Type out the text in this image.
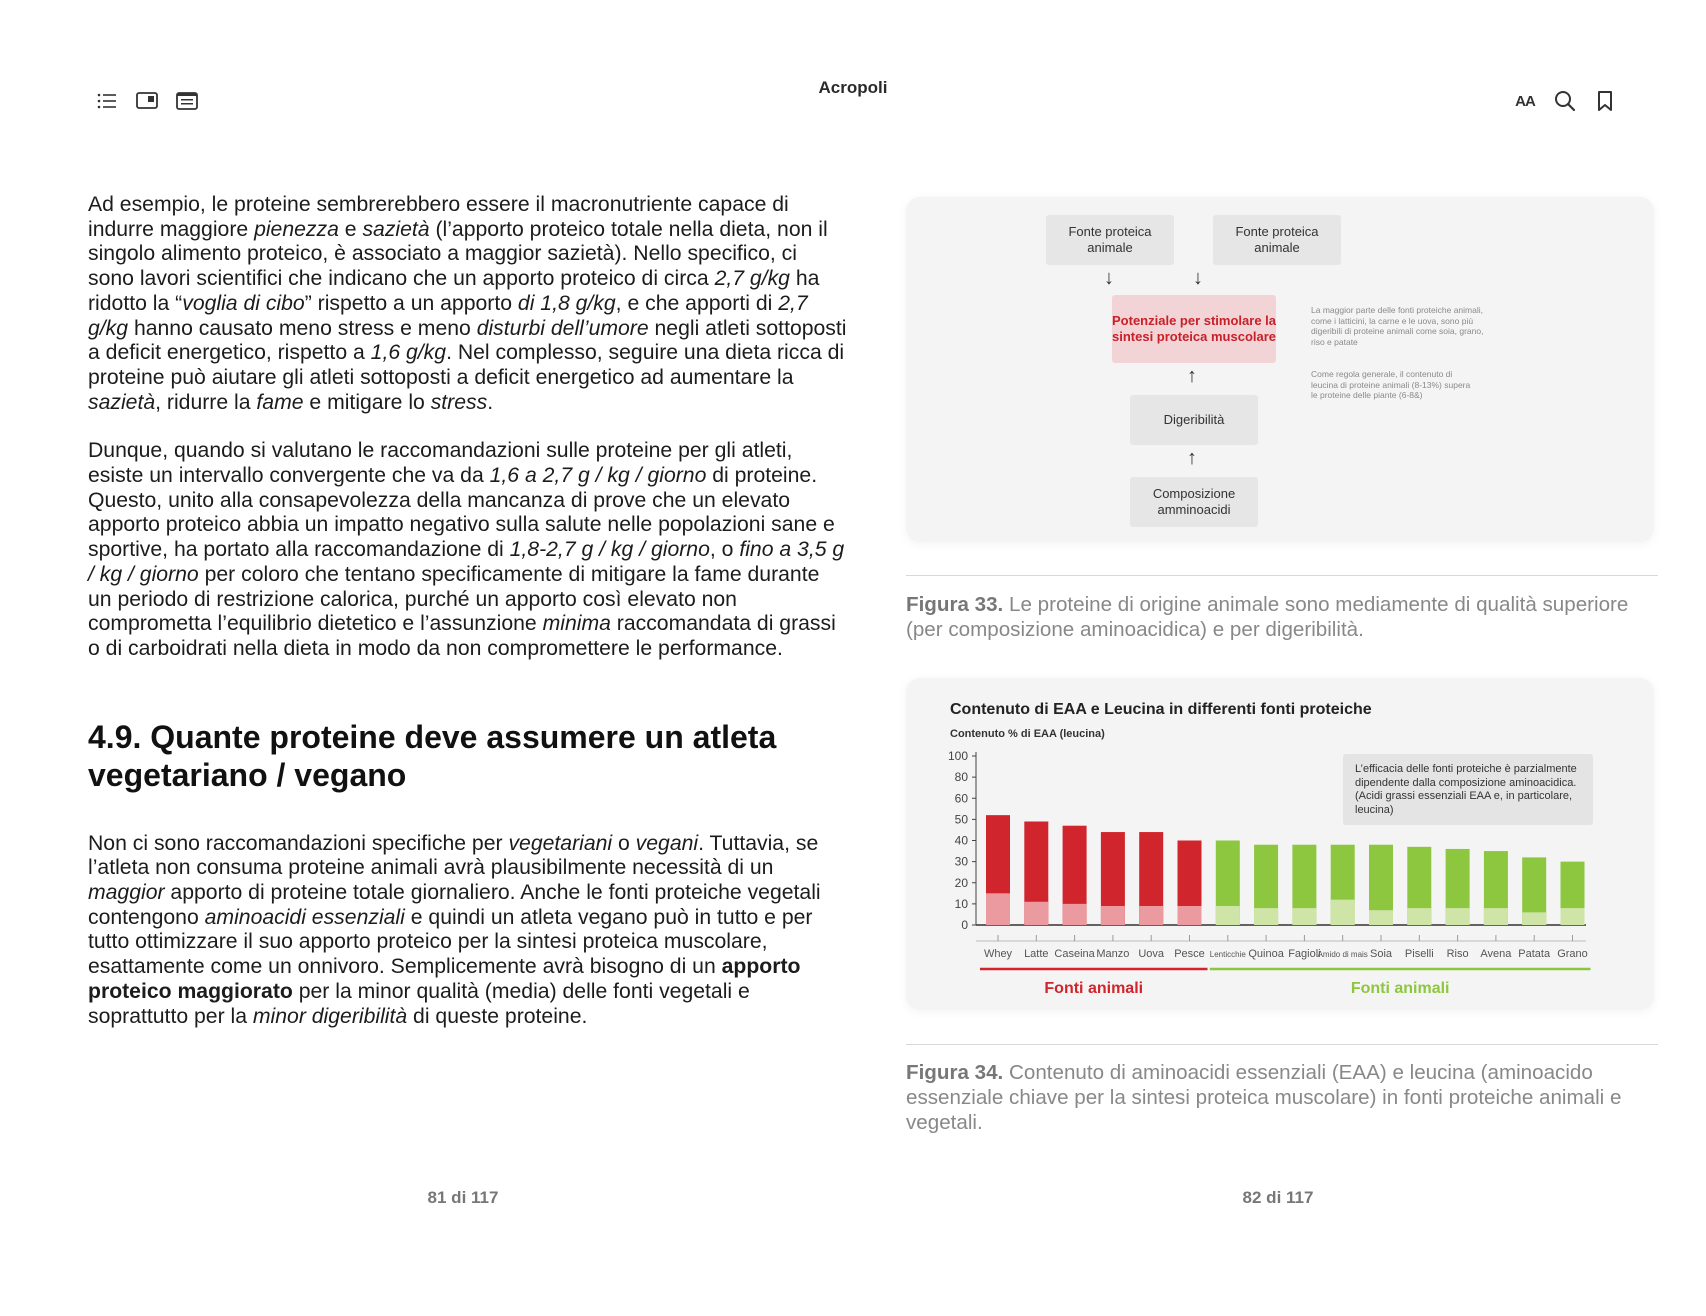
Acropoli
AA

Ad esempio, le proteine sembrerebbero essere il macronutriente capace di indurre maggiore pienezza e sazietà (l’apporto proteico totale nella dieta, non il singolo alimento proteico, è associato a maggior sazietà). Nello specifico, ci sono lavori scientifici che indicano che un apporto proteico di circa 2,7 g/kg ha ridotto la “voglia di cibo” rispetto a un apporto di 1,8 g/kg, e che apporti di 2,7 g/kg hanno causato meno stress e meno disturbi dell’umore negli atleti sottoposti a deficit energetico, rispetto a 1,6 g/kg. Nel complesso, seguire una dieta ricca di proteine può aiutare gli atleti sottoposti a deficit energetico ad aumentare la sazietà, ridurre la fame e mitigare lo stress.

Dunque, quando si valutano le raccomandazioni sulle proteine per gli atleti, esiste un intervallo convergente che va da 1,6 a 2,7 g / kg / giorno di proteine. Questo, unito alla consapevolezza della mancanza di prove che un elevato apporto proteico abbia un impatto negativo sulla salute nelle popolazioni sane e sportive, ha portato alla raccomandazione di 1,8-2,7 g / kg / giorno, o fino a 3,5 g / kg / giorno per coloro che tentano specificamente di mitigare la fame durante un periodo di restrizione calorica, purché un apporto così elevato non comprometta l’equilibrio dietetico e l’assunzione minima raccomandata di grassi o di carboidrati nella dieta in modo da non compromettere le performance.

4.9. Quante proteine deve assumere un atleta vegetariano / vegano

Non ci sono raccomandazioni specifiche per vegetariani o vegani. Tuttavia, se l’atleta non consuma proteine animali avrà plausibilmente necessità di un maggior apporto di proteine totale giornaliero. Anche le fonti proteiche vegetali contengono aminoacidi essenziali e quindi un atleta vegano può in tutto e per tutto ottimizzare il suo apporto proteico per la sintesi proteica muscolare, esattamente come un onnivoro. Semplicemente avrà bisogno di un apporto proteico maggiorato per la minor qualità (media) delle fonti vegetali e soprattutto per la minor digeribilità di queste proteine.

81 di 117
Fonte proteica animale
Fonte proteica animale
↓	↓
Potenziale per stimolare la sintesi proteica muscolare
↑
Digeribilità
↑
Composizione amminoacidi
La maggior parte delle fonti proteiche animali, come i latticini, la carne e le uova, sono più digeribili di proteine animali come soia, grano, riso e patate
Come regola generale, il contenuto di leucina di proteine animali (8-13%) supera le proteine delle piante (6-8&)
Figura 33. Le proteine di origine animale sono mediamente di qualità superiore (per composizione aminoacidica) e per digeribilità.
Contenuto di EAA e Leucina in differenti fonti proteiche
Contenuto % di EAA (leucina)
100
80
60
50
40
30
20
10
0
Whey Latte Caseina Manzo Uova Pesce Lenticchie Quinoa Fagioli
Amido di mais Soia Piselli Riso Avena Patata Grano
Fonti animali	Fonti animali
L’efficacia delle fonti proteiche è parzialmente dipendente dalla composizione aminoacidica. (Acidi grassi essenziali EAA e, in particolare, leucina)
Figura 34. Contenuto di aminoacidi essenziali (EAA) e leucina (aminoacido essenziale chiave per la sintesi proteica muscolare) in fonti proteiche animali e vegetali.
82 di 117
